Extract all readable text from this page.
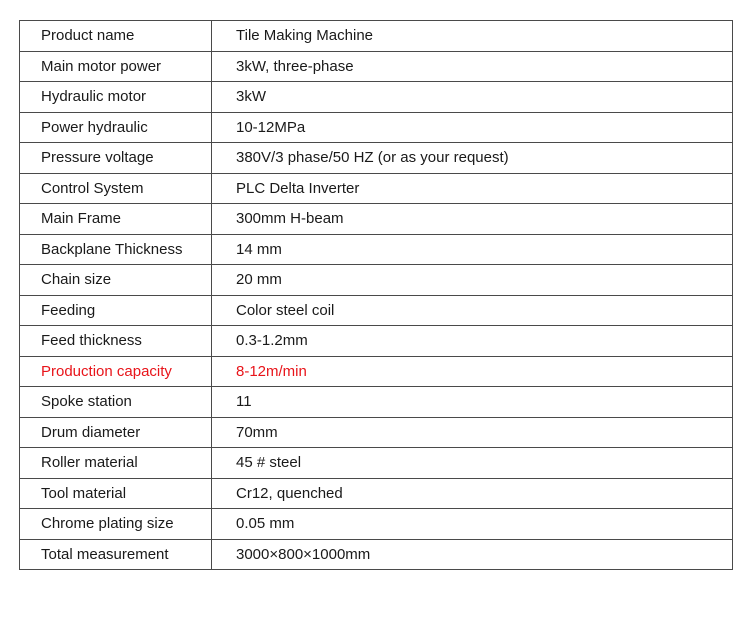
Product name	Tile Making Machine
Main motor power	3kW, three-phase
Hydraulic motor	3kW
Power hydraulic	10-12MPa
Pressure voltage	380V/3 phase/50 HZ (or as your request)
Control System	PLC Delta Inverter
Main Frame	300mm H-beam
Backplane Thickness	14 mm
Chain size	20 mm
Feeding	Color steel coil
Feed thickness	0.3-1.2mm
Production capacity	8-12m/min
Spoke station	11
Drum diameter	70mm
Roller material	45 # steel
Tool material	Cr12, quenched
Chrome plating size	0.05 mm
Total measurement	3000×800×1000mm
